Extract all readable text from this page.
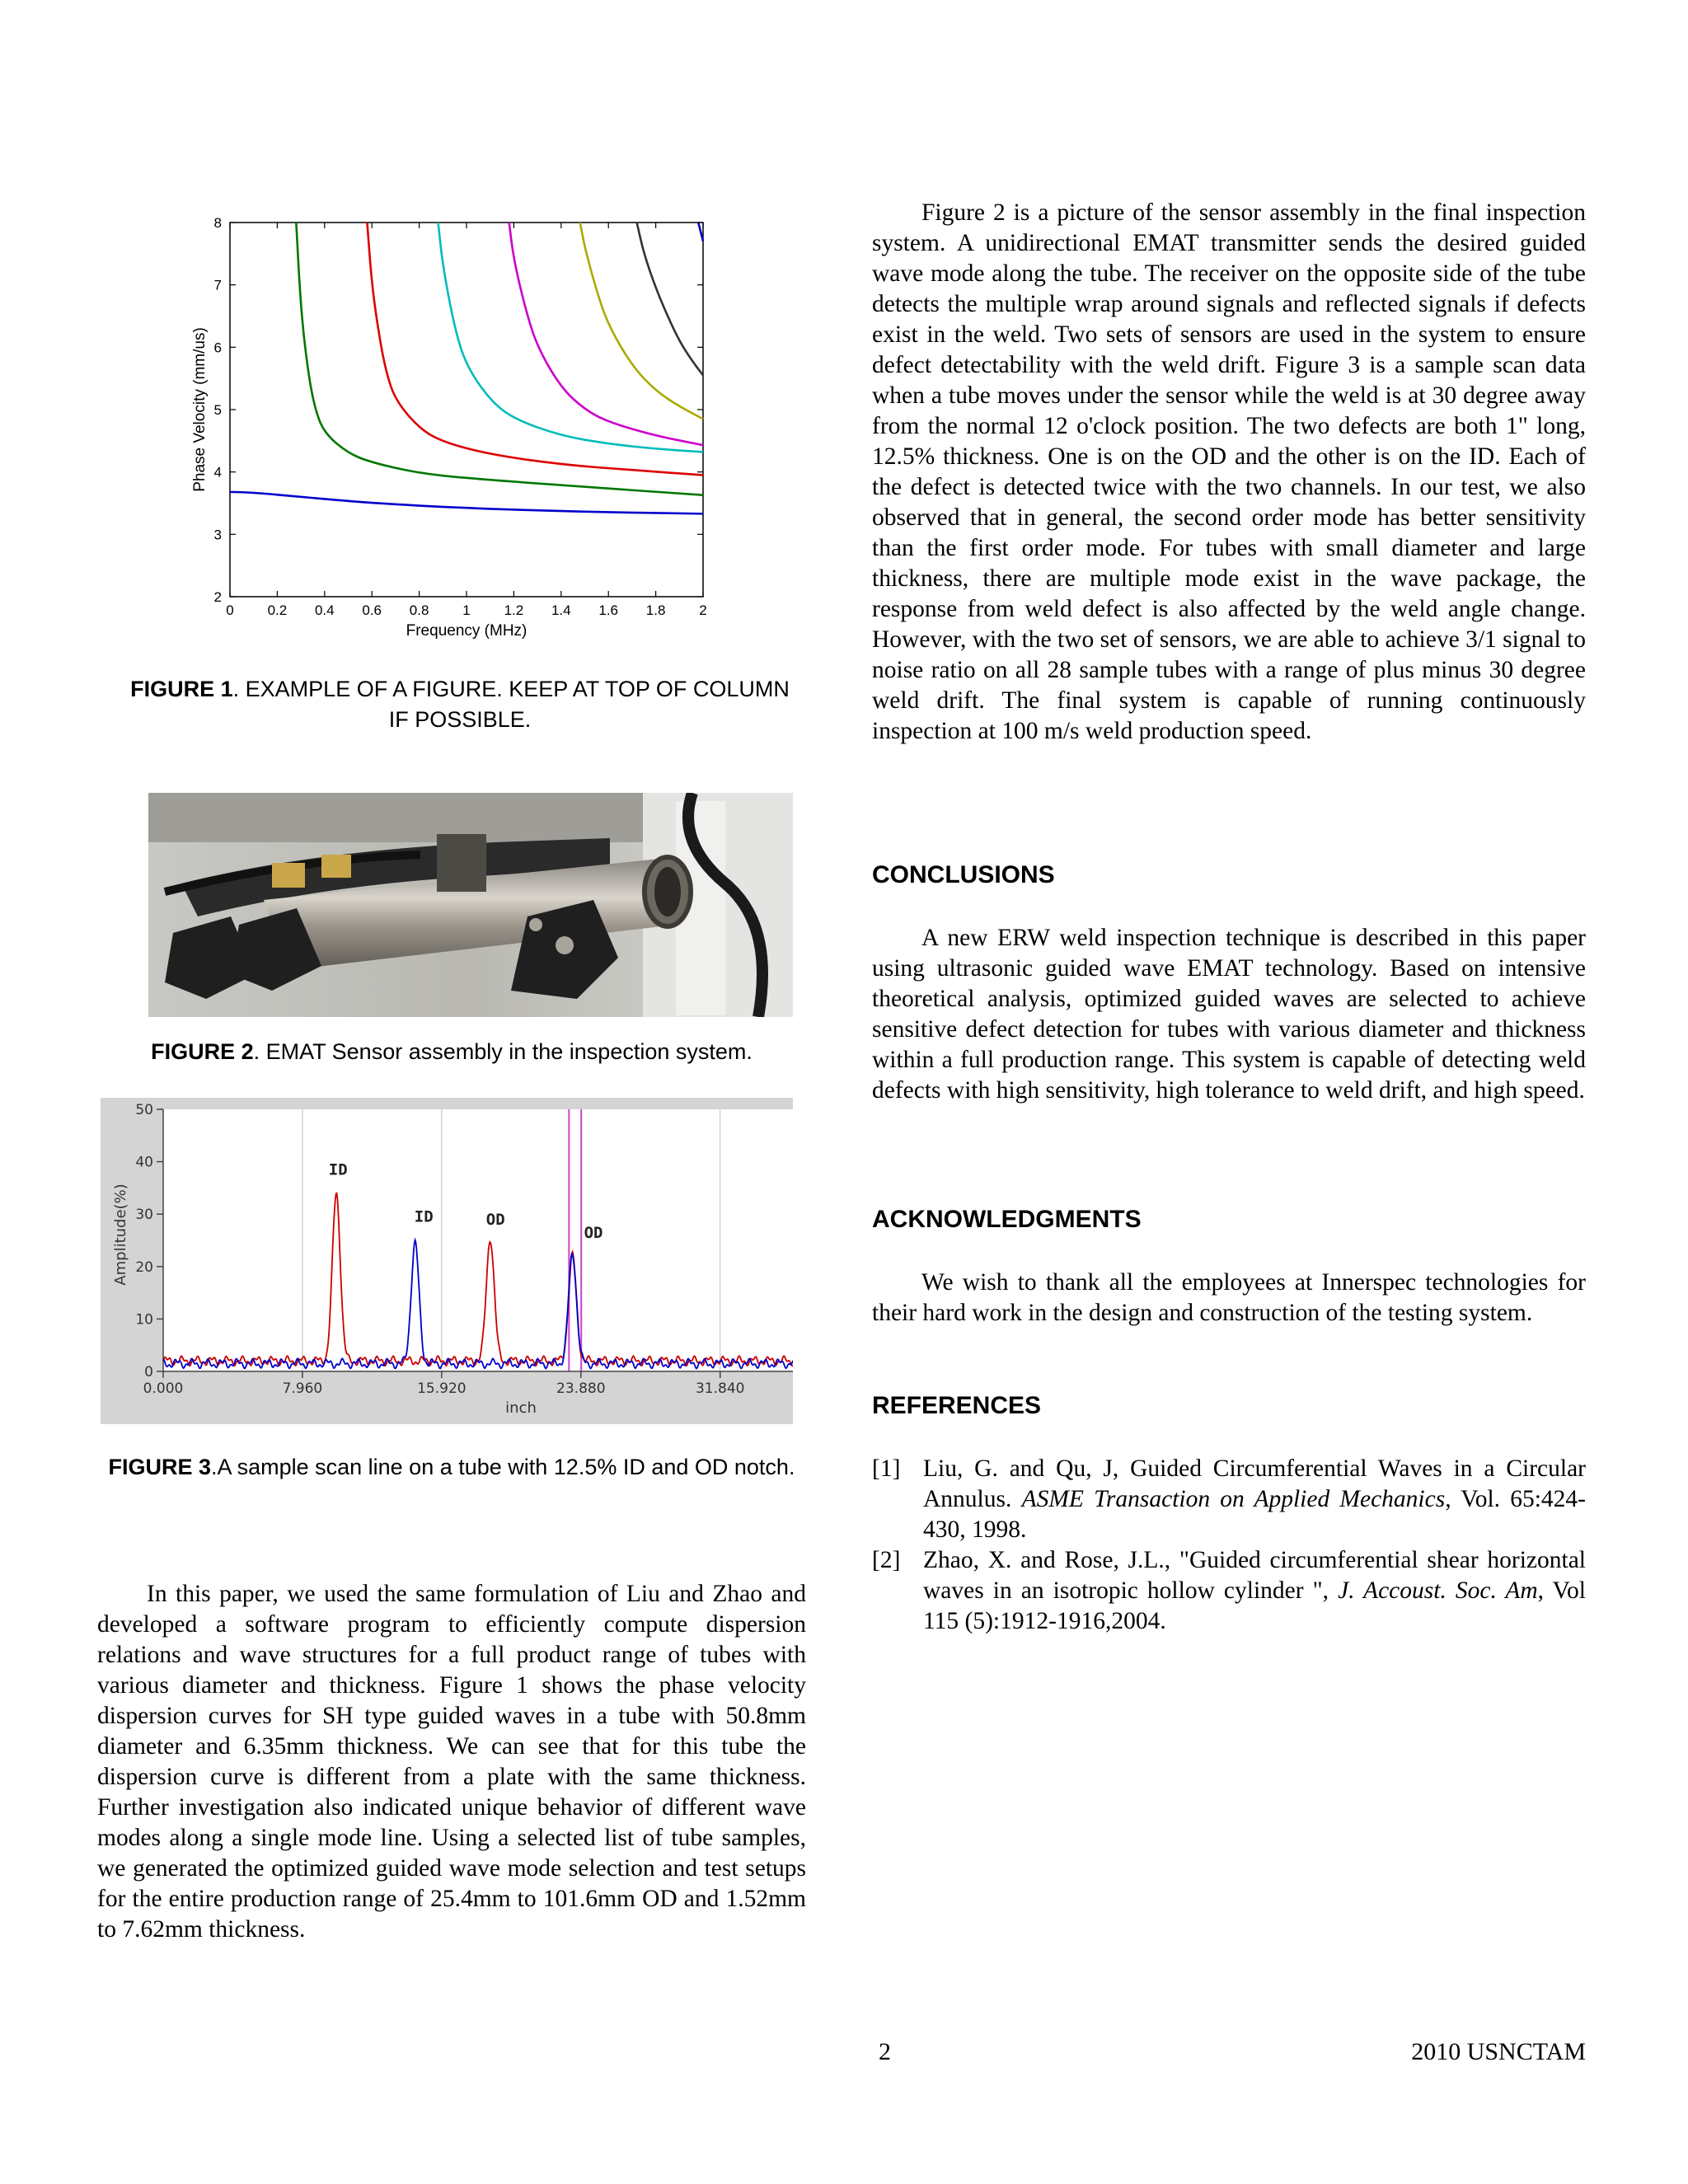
2
3
4
5
6
7
8
0 0.2 0.4 0.6 0.8 1 1.2 1.4 1.6 1.8 2
Frequency (MHz)
Phase Velocity (mm/us)
FIGURE 1. EXAMPLE OF A FIGURE. KEEP AT TOP OF COLUMN IF POSSIBLE.
FIGURE 2. EMAT Sensor assembly in the inspection system.
ID
ID	OD
OD
0
10
20
30
40
50
0.000	7.960	15.920	23.880	31.840
inch
Amplitude(%)
FIGURE 3.A sample scan line on a tube with 12.5% ID and OD notch.

In this paper, we used the same formulation of Liu and Zhao and developed a software program to efficiently compute dispersion relations and wave structures for a full product range of tubes with various diameter and thickness. Figure 1 shows the phase velocity dispersion curves for SH type guided waves in a tube with 50.8mm diameter and 6.35mm thickness. We can see that for this tube the dispersion curve is different from a plate with the same thickness. Further investigation also indicated unique behavior of different wave modes along a single mode line. Using a selected list of tube samples, we generated the optimized guided wave mode selection and test setups for the entire production range of 25.4mm to 101.6mm OD and 1.52mm to 7.62mm thickness.

Figure 2 is a picture of the sensor assembly in the final inspection system. A unidirectional EMAT transmitter sends the desired guided wave mode along the tube. The receiver on the opposite side of the tube detects the multiple wrap around signals and reflected signals if defects exist in the weld. Two sets of sensors are used in the system to ensure defect detectability with the weld drift. Figure 3 is a sample scan data when a tube moves under the sensor while the weld is at 30 degree away from the normal 12 o'clock position. The two defects are both 1" long, 12.5% thickness. One is on the OD and the other is on the ID. Each of the defect is detected twice with the two channels. In our test, we also observed that in general, the second order mode has better sensitivity than the first order mode. For tubes with small diameter and large thickness, there are multiple mode exist in the wave package, the response from weld defect is also affected by the weld angle change. However, with the two set of sensors, we are able to achieve 3/1 signal to noise ratio on all 28 sample tubes with a range of plus minus 30 degree weld drift. The final system is capable of running continuously inspection at 100 m/s weld production speed.

CONCLUSIONS

A new ERW weld inspection technique is described in this paper using ultrasonic guided wave EMAT technology. Based on intensive theoretical analysis, optimized guided waves are selected to achieve sensitive defect detection for tubes with various diameter and thickness within a full production range. This system is capable of detecting weld defects with high sensitivity, high tolerance to weld drift, and high speed.

ACKNOWLEDGMENTS

We wish to thank all the employees at Innerspec technologies for their hard work in the design and construction of the testing system.

REFERENCES
[1] Liu, G. and Qu, J, Guided Circumferential Waves in a Circular Annulus. ASME Transaction on Applied Mechanics, Vol. 65:424-430, 1998.
[2] Zhao, X. and Rose, J.L., "Guided circumferential shear horizontal waves in an isotropic hollow cylinder ", J. Accoust. Soc. Am, Vol 115 (5):1912-1916,2004.
2	2010 USNCTAM
